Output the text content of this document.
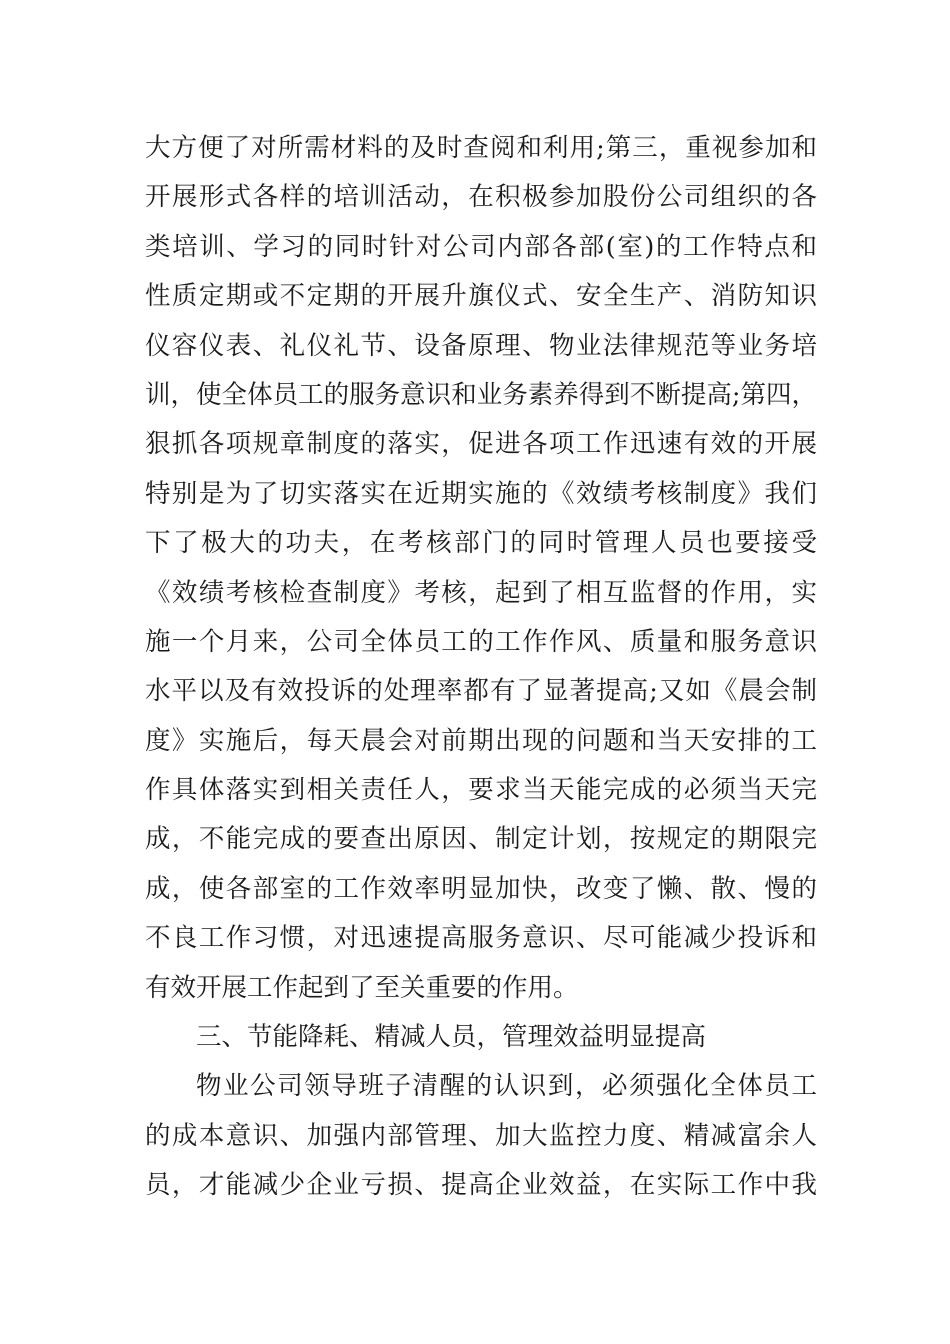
大方便了对所需材料的及时查阅和利用;第三，重视参加和
开展形式各样的培训活动，在积极参加股份公司组织的各
类培训、学习的同时针对公司内部各部(室)的工作特点和
性质定期或不定期的开展升旗仪式、安全生产、消防知识
仪容仪表、礼仪礼节、设备原理、物业法律规范等业务培
训，使全体员工的服务意识和业务素养得到不断提高;第四，
狠抓各项规章制度的落实，促进各项工作迅速有效的开展
特别是为了切实落实在近期实施的《效绩考核制度》我们
下了极大的功夫，在考核部门的同时管理人员也要接受
《效绩考核检查制度》考核，起到了相互监督的作用，实
施一个月来，公司全体员工的工作作风、质量和服务意识
水平以及有效投诉的处理率都有了显著提高;又如《晨会制
度》实施后，每天晨会对前期出现的问题和当天安排的工
作具体落实到相关责任人，要求当天能完成的必须当天完
成，不能完成的要查出原因、制定计划，按规定的期限完
成，使各部室的工作效率明显加快，改变了懒、散、慢的
不良工作习惯，对迅速提高服务意识、尽可能减少投诉和
有效开展工作起到了至关重要的作用。
三、节能降耗、精减人员，管理效益明显提高
物业公司领导班子清醒的认识到，必须强化全体员工
的成本意识、加强内部管理、加大监控力度、精减富余人
员，才能减少企业亏损、提高企业效益，在实际工作中我
